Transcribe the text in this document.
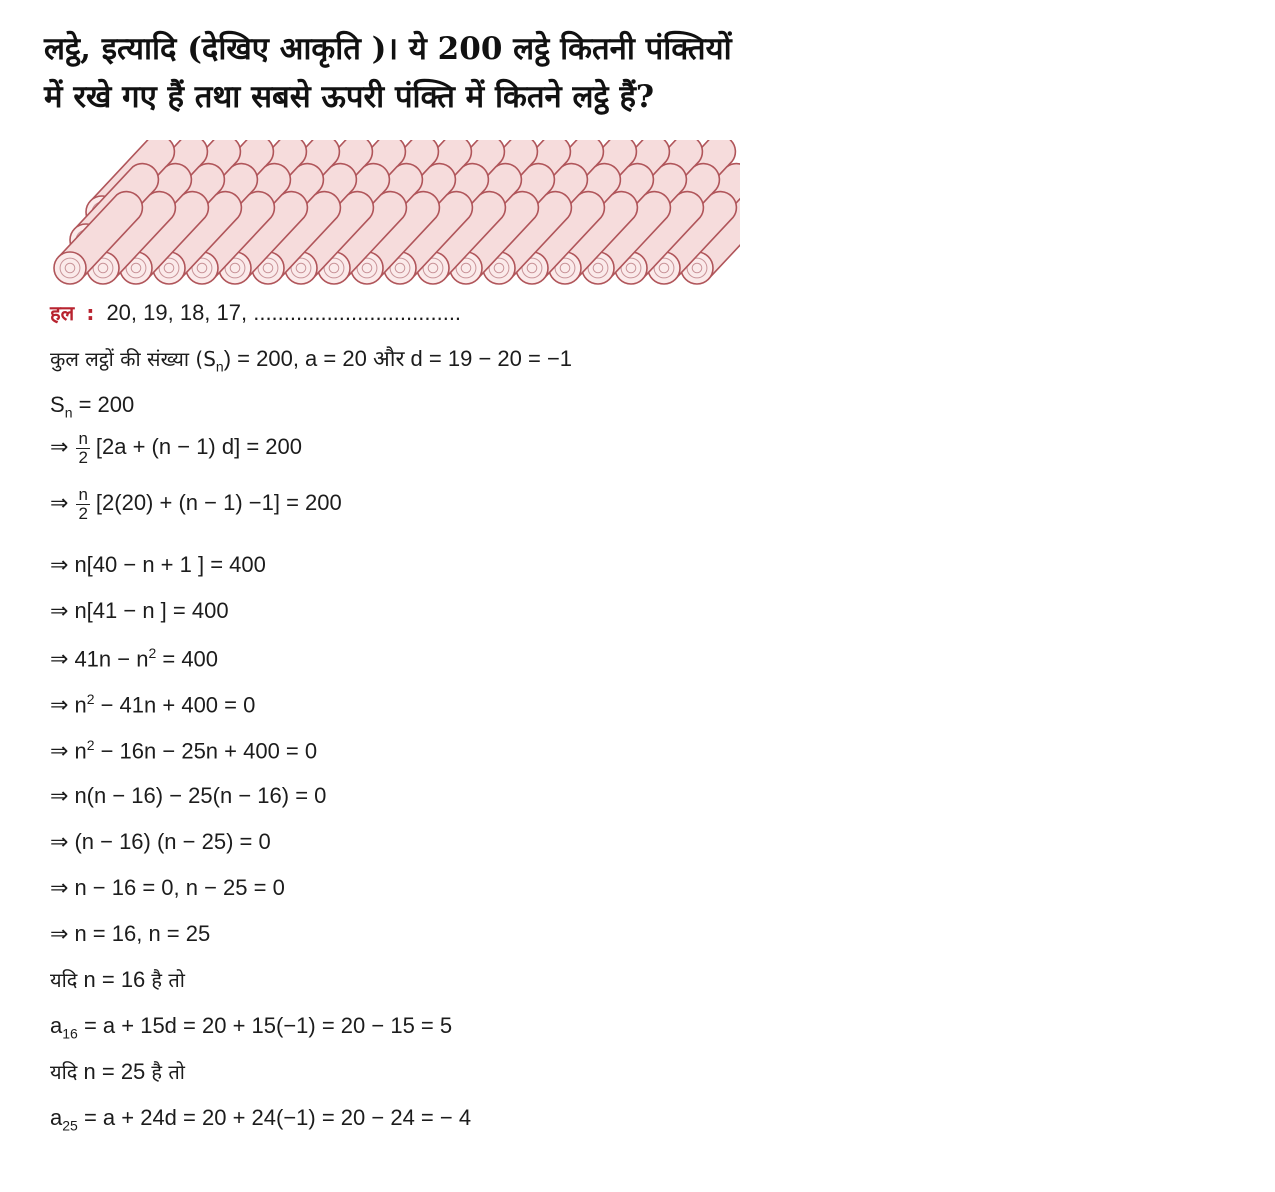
लट्ठे, इत्यादि (देखिए आकृति )। ये 200 लट्ठे कितनी पंक्तियों
में रखे गए हैं तथा सबसे ऊपरी पंक्ति में कितने लट्ठे हैं?
हल : 20, 19, 18, 17, ..................................
कुल लट्ठों की संख्या $(S_n) = 200$, a = 20 और d = 19 − 20 = −1
$S_n = 200$
⇒ $\frac{n}{2} [2a + (n - 1) d] = 200$
⇒ $\frac{n}{2} [2(20) + (n - 1) -1] = 200$
⇒ n[40 − n + 1 ] = 400
⇒ n[41 − n ] = 400
⇒ $41n - n^2 = 400$
⇒ $n^2 - 41n + 400 = 0$
⇒ $n^2 - 16n - 25n + 400 = 0$
⇒ n(n − 16) − 25(n − 16) = 0
⇒ (n − 16) (n − 25) = 0
⇒ n − 16 = 0, n − 25 = 0
⇒ n = 16, n = 25
यदि n = 16 है तो
$a_{16} = a + 15d = 20 + 15(-1) = 20 - 15 = 5$
यदि n = 25 है तो
$a_{25} = a + 24d = 20 + 24(-1) = 20 - 24$ = − 4
